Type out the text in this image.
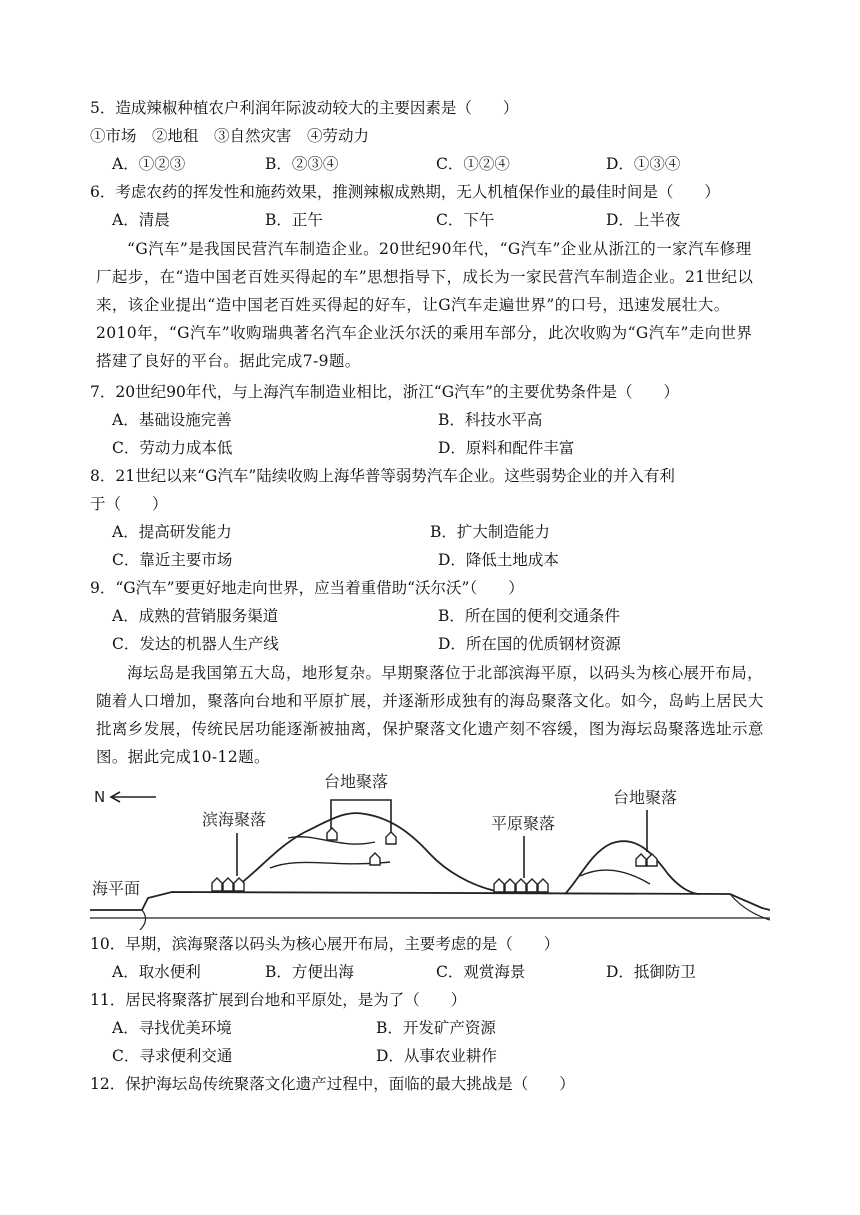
5．造成辣椒种植农户利润年际波动较大的主要因素是（　　）
①市场　②地租　③自然灾害　④劳动力
A．①②③	B．②③④	C．①②④	D．①③④
6．考虑农药的挥发性和施药效果，推测辣椒成熟期，无人机植保作业的最佳时间是（　　）
A．清晨	B．正午	C．下午	D．上半夜
“G汽车”是我国民营汽车制造企业。20世纪90年代，“G汽车”企业从浙江的一家汽车修理厂起步，在“造中国老百姓买得起的车”思想指导下，成长为一家民营汽车制造企业。21世纪以来，该企业提出“造中国老百姓买得起的好车，让G汽车走遍世界”的口号，迅速发展壮大。2010年，“G汽车”收购瑞典著名汽车企业沃尔沃的乘用车部分，此次收购为“G汽车”走向世界搭建了良好的平台。据此完成7-9题。
7．20世纪90年代，与上海汽车制造业相比，浙江“G汽车”的主要优势条件是（　　）
A．基础设施完善	B．科技水平高
C．劳动力成本低	D．原料和配件丰富
8．21世纪以来“G汽车”陆续收购上海华普等弱势汽车企业。这些弱势企业的并入有利
于（　　）
A．提高研发能力	B．扩大制造能力
C．靠近主要市场	D．降低土地成本
9．“G汽车”要更好地走向世界，应当着重借助“沃尔沃”（　　）
A．成熟的营销服务渠道	B．所在国的便利交通条件
C．发达的机器人生产线	D．所在国的优质钢材资源
海坛岛是我国第五大岛，地形复杂。早期聚落位于北部滨海平原，以码头为核心展开布局，随着人口增加，聚落向台地和平原扩展，并逐渐形成独有的海岛聚落文化。如今，岛屿上居民大批离乡发展，传统民居功能逐渐被抽离，保护聚落文化遗产刻不容缓，图为海坛岛聚落选址示意图。据此完成10-12题。
N
滨海聚落
台地聚落
平原聚落
台地聚落
海平面
10．早期，滨海聚落以码头为核心展开布局，主要考虑的是（　　）
A．取水便利	B．方便出海	C．观赏海景	D．抵御防卫
11．居民将聚落扩展到台地和平原处，是为了（　　）
A．寻找优美环境	B．开发矿产资源
C．寻求便利交通	D．从事农业耕作
12．保护海坛岛传统聚落文化遗产过程中，面临的最大挑战是（　　）
